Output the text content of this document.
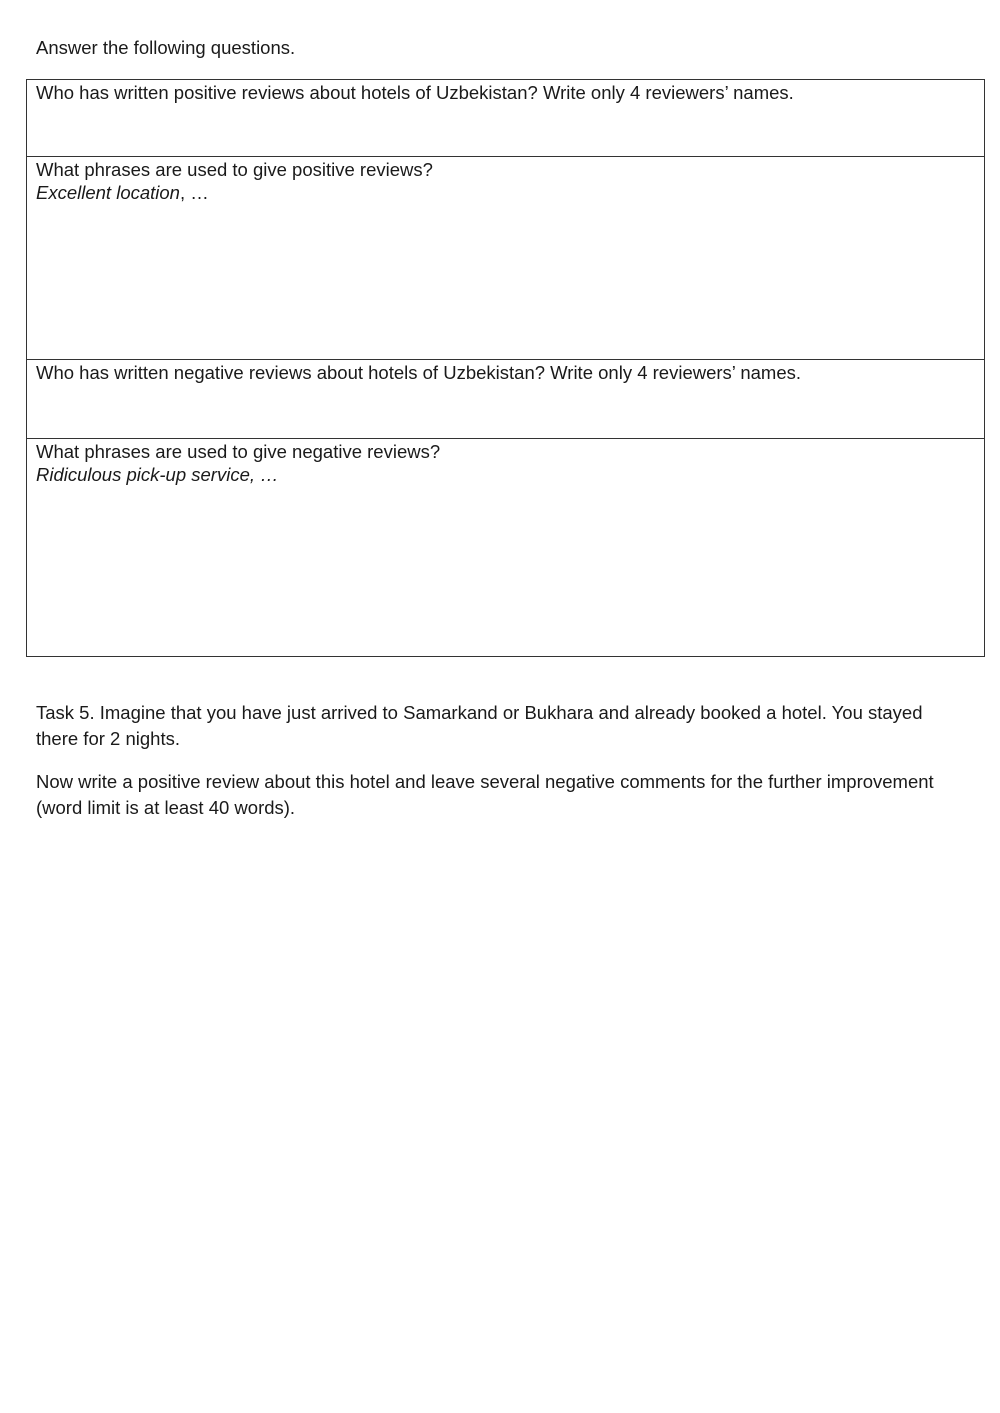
Answer the following questions.

Who has written positive reviews about hotels of Uzbekistan? Write only 4 reviewers’ names.

What phrases are used to give positive reviews?
Excellent location, …

Who has written negative reviews about hotels of Uzbekistan? Write only 4 reviewers’ names.

What phrases are used to give negative reviews?
Ridiculous pick-up service, …

Task 5. Imagine that you have just arrived to Samarkand or Bukhara and already booked a hotel. You stayed there for 2 nights.

Now write a positive review about this hotel and leave several negative comments for the further improvement (word limit is at least 40 words).
